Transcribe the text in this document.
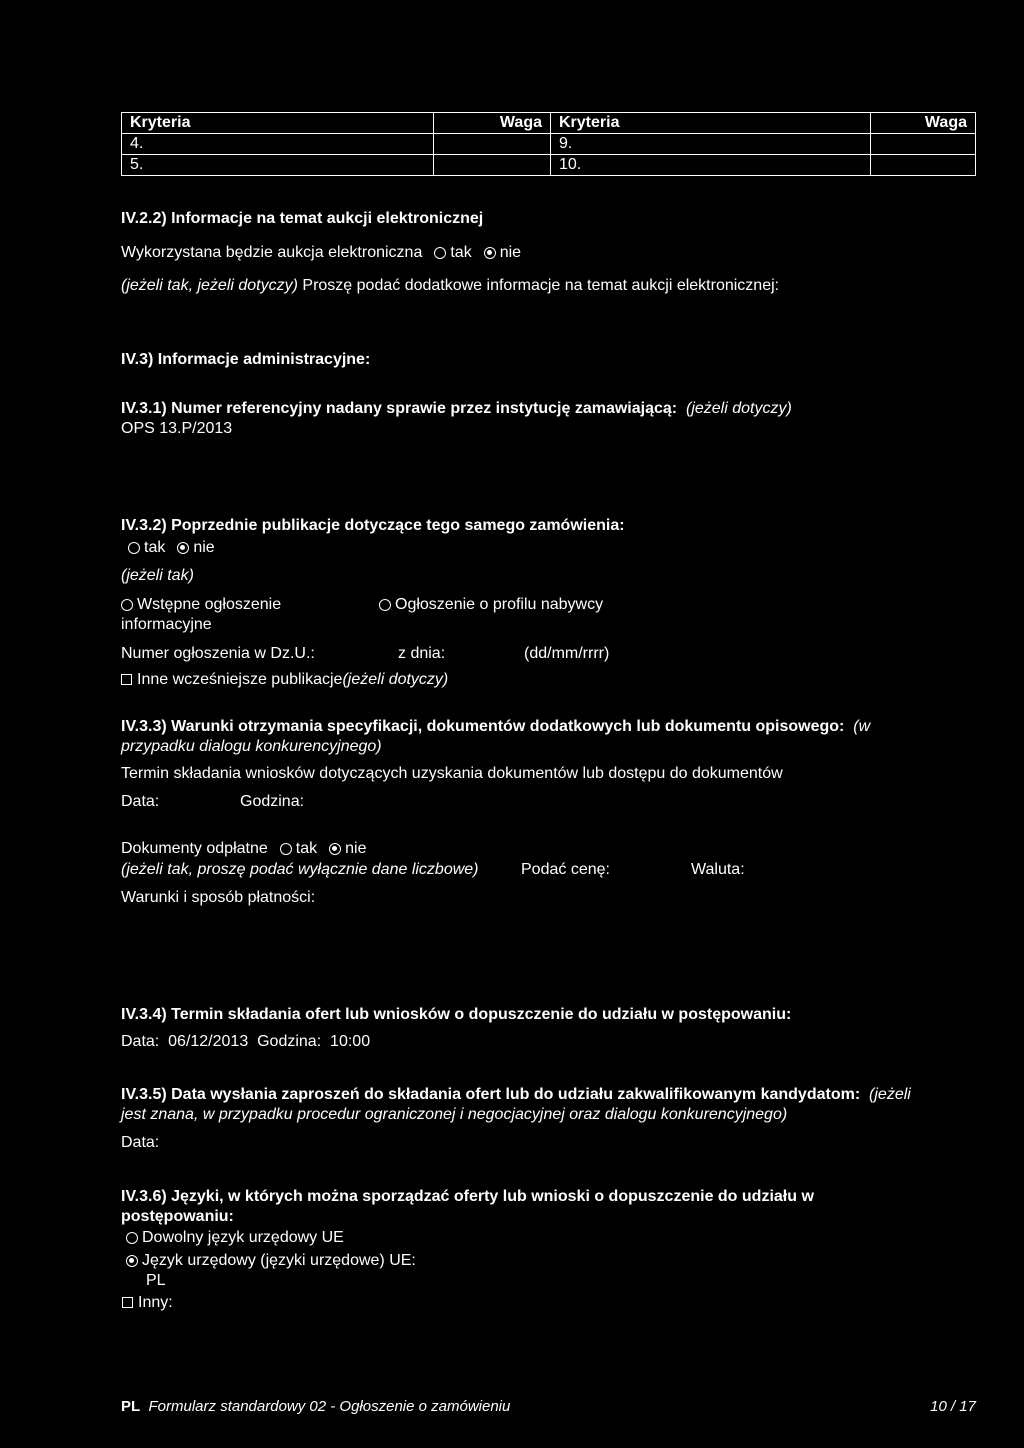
Kryteria	Waga	Kryteria	Waga
4.		9.	
5.		10.	
IV.2.2) Informacje na temat aukcji elektronicznej
Wykorzystana będzie aukcja elektroniczna tak nie
(jeżeli tak, jeżeli dotyczy) Proszę podać dodatkowe informacje na temat aukcji elektronicznej:
IV.3) Informacje administracyjne:
IV.3.1) Numer referencyjny nadany sprawie przez instytucję zamawiającą: (jeżeli dotyczy)
OPS 13.P/2013
IV.3.2) Poprzednie publikacje dotyczące tego samego zamówienia:
tak nie
(jeżeli tak)
Wstępne ogłoszenie
informacyjne
Ogłoszenie o profilu nabywcy
Numer ogłoszenia w Dz.U.:	z dnia:	(dd/mm/rrrr)
Inne wcześniejsze publikacje(jeżeli dotyczy)
IV.3.3) Warunki otrzymania specyfikacji, dokumentów dodatkowych lub dokumentu opisowego: (w
przypadku dialogu konkurencyjnego)
Termin składania wniosków dotyczących uzyskania dokumentów lub dostępu do dokumentów
Data:	Godzina:
Dokumenty odpłatne tak nie
(jeżeli tak, proszę podać wyłącznie dane liczbowe)	Podać cenę:	Waluta:
Warunki i sposób płatności:
IV.3.4) Termin składania ofert lub wniosków o dopuszczenie do udziału w postępowaniu:
Data: 06/12/2013 Godzina: 10:00
IV.3.5) Data wysłania zaproszeń do składania ofert lub do udziału zakwalifikowanym kandydatom: (jeżeli
jest znana, w przypadku procedur ograniczonej i negocjacyjnej oraz dialogu konkurencyjnego)
Data:
IV.3.6) Języki, w których można sporządzać oferty lub wnioski o dopuszczenie do udziału w
postępowaniu:
Dowolny język urzędowy UE
Język urzędowy (języki urzędowe) UE:
PL
Inny:
PL Formularz standardowy 02 - Ogłoszenie o zamówieniu	10 / 17
